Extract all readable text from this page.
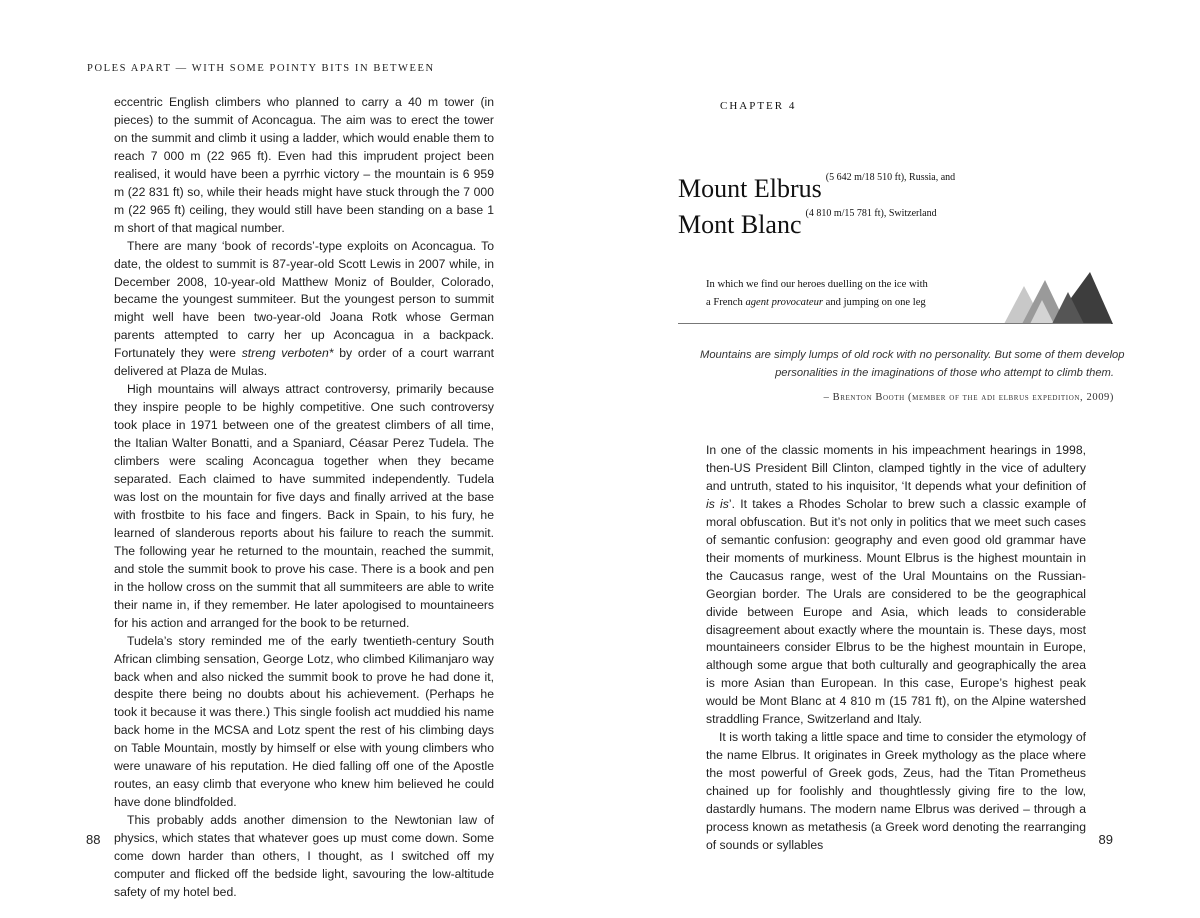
POLES APART — WITH SOME POINTY BITS IN BETWEEN

eccentric English climbers who planned to carry a 40 m tower (in pieces) to the summit of Aconcagua. The aim was to erect the tower on the summit and climb it using a ladder, which would enable them to reach 7 000 m (22 965 ft). Even had this imprudent project been realised, it would have been a pyrrhic victory – the mountain is 6 959 m (22 831 ft) so, while their heads might have stuck through the 7 000 m (22 965 ft) ceiling, they would still have been standing on a base 1 m short of that magical number.

There are many ‘book of records’-type exploits on Aconcagua. To date, the oldest to summit is 87-year-old Scott Lewis in 2007 while, in December 2008, 10-year-old Matthew Moniz of Boulder, Colorado, became the youngest summiteer. But the youngest person to summit might well have been two-year-old Joana Rotk whose German parents attempted to carry her up Aconcagua in a backpack. Fortunately they were streng verboten* by order of a court warrant delivered at Plaza de Mulas.

High mountains will always attract controversy, primarily because they inspire people to be highly competitive. One such controversy took place in 1971 between one of the greatest climbers of all time, the Italian Walter Bonatti, and a Spaniard, Céasar Perez Tudela. The climbers were scaling Aconcagua together when they became separated. Each claimed to have summited independently. Tudela was lost on the mountain for five days and finally arrived at the base with frostbite to his face and fingers. Back in Spain, to his fury, he learned of slanderous reports about his failure to reach the summit. The following year he returned to the mountain, reached the summit, and stole the summit book to prove his case. There is a book and pen in the hollow cross on the summit that all summiteers are able to write their name in, if they remember. He later apologised to mountaineers for his action and arranged for the book to be returned.

Tudela’s story reminded me of the early twentieth-century South African climbing sensation, George Lotz, who climbed Kilimanjaro way back when and also nicked the summit book to prove he had done it, despite there being no doubts about his achievement. (Perhaps he took it because it was there.) This single foolish act muddied his name back home in the MCSA and Lotz spent the rest of his climbing days on Table Mountain, mostly by himself or else with young climbers who were unaware of his reputation. He died falling off one of the Apostle routes, an easy climb that everyone who knew him believed he could have done blindfolded.

This probably adds another dimension to the Newtonian law of physics, which states that whatever goes up must come down. Some come down harder than others, I thought, as I switched off my computer and flicked off the bedside light, savouring the low-altitude safety of my hotel bed.

88
CHAPTER 4
Mount Elbrus $^{(5 642 m/18 510 ft), Russia, and}$
Mont Blanc $^{(4 810 m/15 781 ft), Switzerland}$
In which we find our heroes duelling on the ice with
a French agent provocateur and jumping on one leg
Mountains are simply lumps of old rock with no personality. But some of them develop
personalities in the imaginations of those who attempt to climb them.
– Brenton Booth (member of the adi elbrus expedition, 2009)

In one of the classic moments in his impeachment hearings in 1998, then-US President Bill Clinton, clamped tightly in the vice of adultery and untruth, stated to his inquisitor, ‘It depends what your definition of is is’. It takes a Rhodes Scholar to brew such a classic example of moral obfuscation. But it’s not only in politics that we meet such cases of semantic confusion: geography and even good old grammar have their moments of murkiness. Mount Elbrus is the highest mountain in the Caucasus range, west of the Ural Mountains on the Russian-Georgian border. The Urals are considered to be the geographical divide between Europe and Asia, which leads to considerable disagreement about exactly where the mountain is. These days, most mountaineers consider Elbrus to be the highest mountain in Europe, although some argue that both culturally and geographically the area is more Asian than European. In this case, Europe’s highest peak would be Mont Blanc at 4 810 m (15 781 ft), on the Alpine watershed straddling France, Switzerland and Italy.

It is worth taking a little space and time to consider the etymology of the name Elbrus. It originates in Greek mythology as the place where the most powerful of Greek gods, Zeus, had the Titan Prometheus chained up for foolishly and thoughtlessly giving fire to the low, dastardly humans. The modern name Elbrus was derived – through a process known as metathesis (a Greek word denoting the rearranging of sounds or syllables	89
